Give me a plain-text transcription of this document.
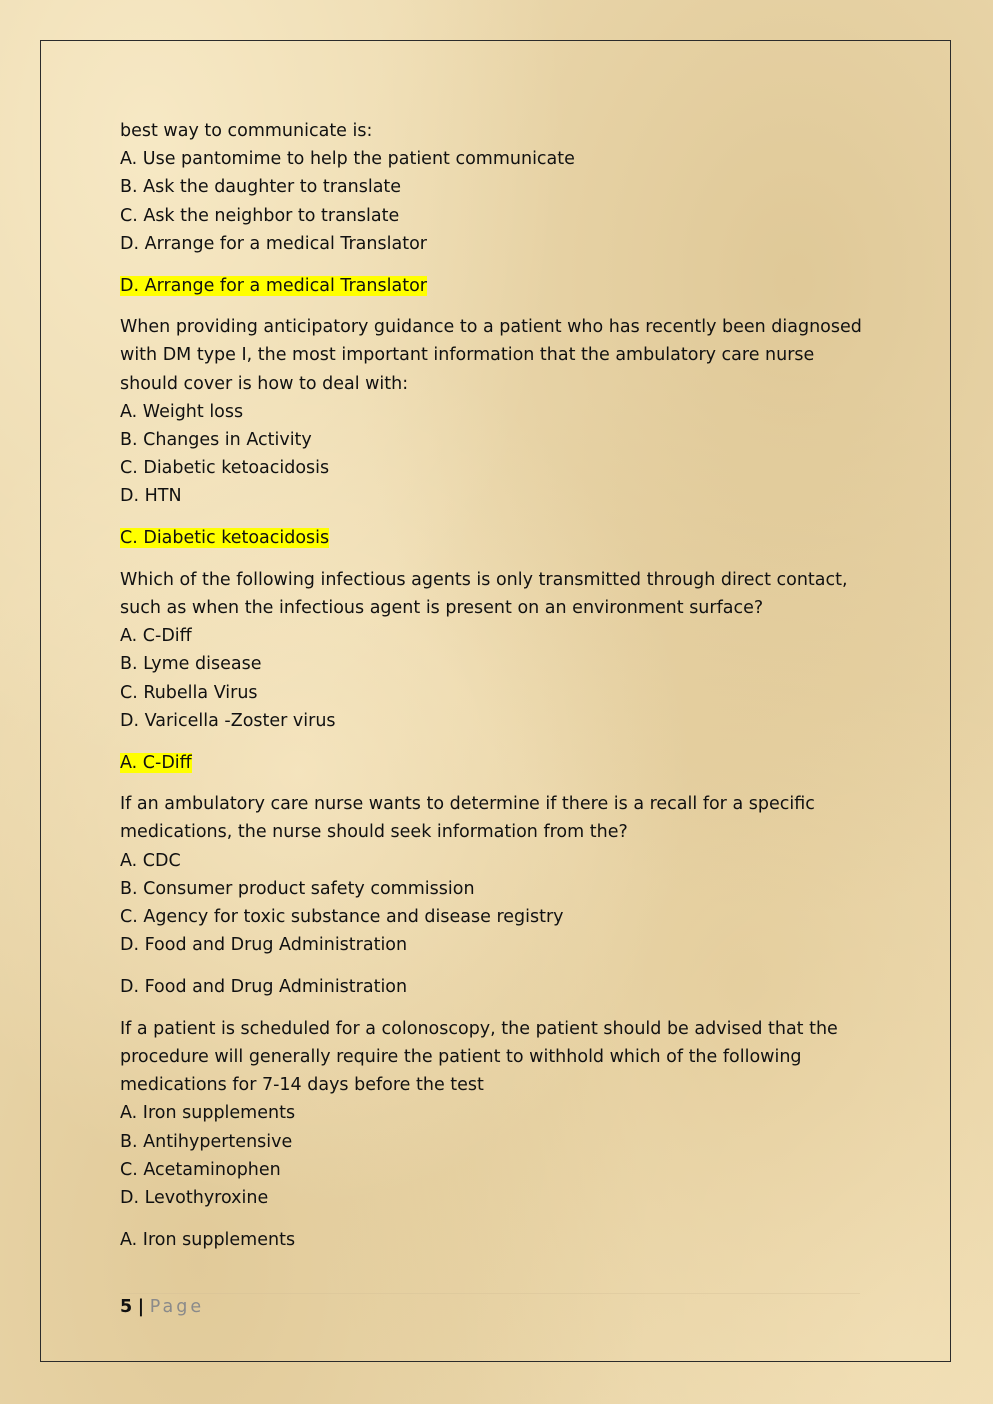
best way to communicate is:
A. Use pantomime to help the patient communicate
B. Ask the daughter to translate
C. Ask the neighbor to translate
D. Arrange for a medical Translator
D. Arrange for a medical Translator
When providing anticipatory guidance to a patient who has recently been diagnosed with DM type I, the most important information that the ambulatory care nurse should cover is how to deal with:
A. Weight loss
B. Changes in Activity
C. Diabetic ketoacidosis
D. HTN
C. Diabetic ketoacidosis
Which of the following infectious agents is only transmitted through direct contact, such as when the infectious agent is present on an environment surface?
A. C-Diff
B. Lyme disease
C. Rubella Virus
D. Varicella -Zoster virus
A. C-Diff
If an ambulatory care nurse wants to determine if there is a recall for a specific medications, the nurse should seek information from the?
A. CDC
B. Consumer product safety commission
C. Agency for toxic substance and disease registry
D. Food and Drug Administration
D. Food and Drug Administration
If a patient is scheduled for a colonoscopy, the patient should be advised that the procedure will generally require the patient to withhold which of the following medications for 7-14 days before the test
A. Iron supplements
B. Antihypertensive
C. Acetaminophen
D. Levothyroxine
A. Iron supplements
5 | Page
